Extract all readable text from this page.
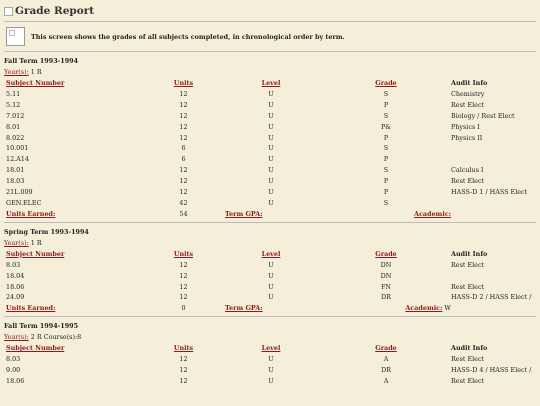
Grade Report
This screen shows the grades of all subjects completed, in chronological order by term.
Fall Term 1993-1994
Year(s): 1 R
Subject Number	Units	Level	Grade	Audit Info
5.11	12	U	S	Chemistry
5.12	12	U	P	Rest Elect
7.012	12	U	S	Biology / Rest Elect
8.01	12	U	P&	Physics I
8.022	12	U	P	Physics II
10.001	6	U	S	
12.A14	6	U	P	
18.01	12	U	S	Calculus I
18.03	12	U	P	Rest Elect
21L.009	12	U	P	HASS-D 1 / HASS Elect
GEN.ELEC	42	U	S	
Units Earned:	54	Term GPA:	Academic:	
Spring Term 1993-1994
Year(s): 1 R
Subject Number	Units	Level	Grade	Audit Info
8.03	12	U	DN	Rest Elect
18.04	12	U	DN	
18.06	12	U	FN	Rest Elect
24.09	12	U	DR	HASS-D 2 / HASS Elect /
Units Earned:	0	Term GPA:	Academic: W	
Fall Term 1994-1995
Year(s): 2 R Course(s):8
Subject Number	Units	Level	Grade	Audit Info
8.03	12	U	A	Rest Elect
9.00	12	U	DR	HASS-D 4 / HASS Elect /
18.06	12	U	A	Rest Elect
